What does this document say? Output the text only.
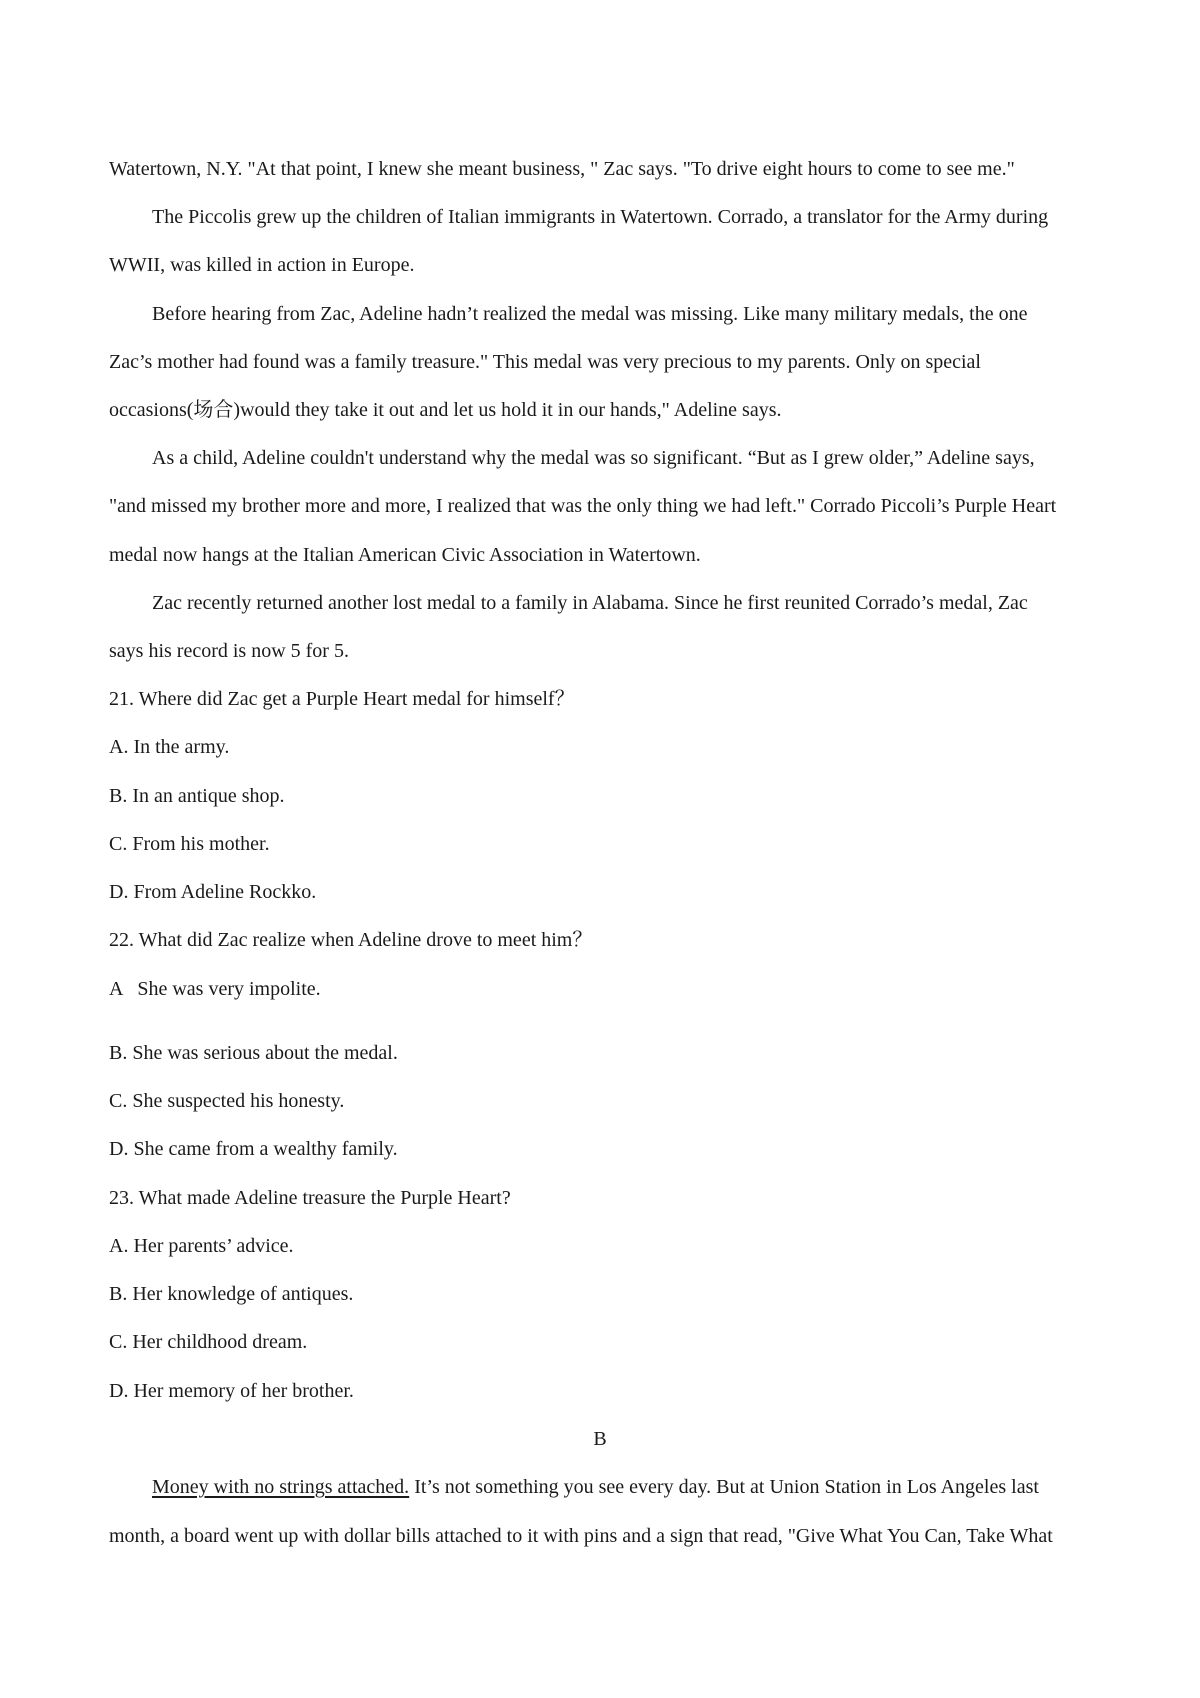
Watertown, N.Y. "At that point, I knew she meant business, " Zac says. "To drive eight hours to come to see me."
The Piccolis grew up the children of Italian immigrants in Watertown. Corrado, a translator for the Army during
WWII, was killed in action in Europe.
Before hearing from Zac, Adeline hadn’t realized the medal was missing. Like many military medals, the one
Zac’s mother had found was a family treasure." This medal was very precious to my parents. Only on special
occasions(场合)would they take it out and let us hold it in our hands," Adeline says.
As a child, Adeline couldn't understand why the medal was so significant. “But as I grew older,” Adeline says,
"and missed my brother more and more, I realized that was the only thing we had left." Corrado Piccoli’s Purple Heart
medal now hangs at the Italian American Civic Association in Watertown.
Zac recently returned another lost medal to a family in Alabama. Since he first reunited Corrado’s medal, Zac
says his record is now 5 for 5.
21. Where did Zac get a Purple Heart medal for himself？
A. In the army.
B. In an antique shop.
C. From his mother.
D. From Adeline Rockko.
22. What did Zac realize when Adeline drove to meet him？
A   She was very impolite.
B. She was serious about the medal.
C. She suspected his honesty.
D. She came from a wealthy family.
23. What made Adeline treasure the Purple Heart?
A. Her parents’ advice.
B. Her knowledge of antiques.
C. Her childhood dream.
D. Her memory of her brother.
B
Money with no strings attached. It’s not something you see every day. But at Union Station in Los Angeles last
month, a board went up with dollar bills attached to it with pins and a sign that read, "Give What You Can, Take What
